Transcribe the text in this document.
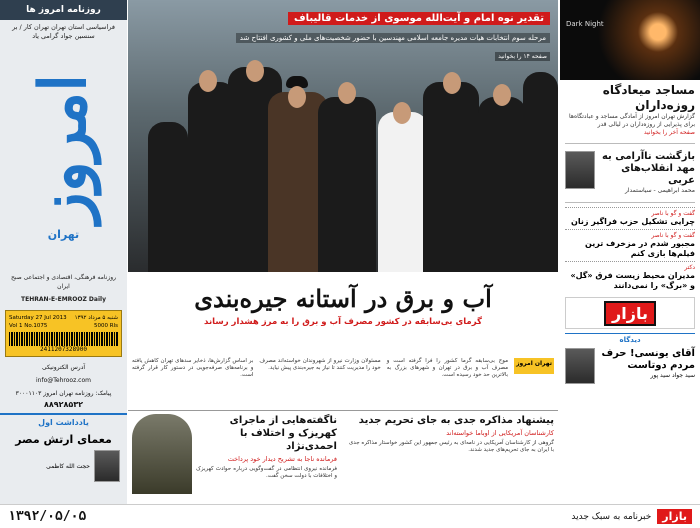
روزنامه امروز ها
فراسیاسی استان تهران تهران کار / بر سنسین جواد گرامی یاد
امروز
تهران
روزنامه فرهنگی، اقتصادی و اجتماعی صبح ایران
TEHRAN-E-EMROOZ Daily
Saturday 27 Jul 2013 شنبه ۵ مرداد ۱۳۹۲
Vol 1 No.1075	5000 Rls
2411207328900
آدرس الکترونیکی
info@Tehrooz.com
پیامک: روزنامه تهران امروز ۳۰۰۰۱۱۰۳
۸۸۹۲۸۵۳۲
یادداشت اول
معمای ارتش مصر
حجت الله کاظمی
تقدیر نوه امام و آیت‌الله موسوی از خدمات قالیباف
مرحله سوم انتخابات هیات مدیره جامعه اسلامی مهندسین با حضور شخصیت‌های ملی و کشوری افتتاح شد
صفحه ۱۴ را بخوانید
Dark Night
مساجد میعادگاه روزه‌داران
گزارش تهران امروز از آمادگی مساجد و عبادتگاه‌ها برای پذیرایی از روزه‌داران در لیالی قدر
صفحه آخر را بخوانید
بازگشت ناآرامی به مهد انقلاب‌های عربی
محمد ابراهیمی - سیاستمدار
گفت و گو با ناصر
چرایی تشکیل حزب فراگیر زنان
گفت و گو با ناصر
مجبور شدم در مزخرف ترین فیلم‌ها بازی کنم
دکتر
مدیران محیط زیست فرق «گل» و «برگ» را نمی‌دانند
بازار
دیدگاه
آقای یونسی! حرف مردم دوتاست
سید جواد سید پور
آب و برق در آستانه جیره‌بندی
گرمای بی‌سابقه در کشور مصرف آب و برق را به مرز هشدار رساند
تهران امروز
موج بی‌سابقه گرما کشور را فرا گرفته است و مصرف آب و برق در تهران و شهرهای بزرگ به بالاترین حد خود رسیده است.
مسئولان وزارت نیرو از شهروندان خواسته‌اند مصرف خود را مدیریت کنند تا نیاز به جیره‌بندی پیش نیاید.
بر اساس گزارش‌ها، ذخایر سدهای تهران کاهش یافته و برنامه‌های صرفه‌جویی در دستور کار قرار گرفته است.
پیشنهاد مذاکره جدی به جای تحریم جدید
کارشناسان آمریکایی از اوباما خواسته‌اند
گروهی از کارشناسان آمریکایی در نامه‌ای به رئیس جمهور این کشور خواستار مذاکره جدی با ایران به جای تحریم‌های جدید شدند.
ناگفته‌هایی از ماجرای کهریزک و اختلاف با احمدی‌نژاد
فرمانده ناجا به تشریح دیدار خود پرداخت
فرمانده نیروی انتظامی در گفت‌وگویی درباره حوادث کهریزک و اختلافات با دولت سخن گفت.
۱۳۹۲/۰۵/۰۵	خبرنامه به سبک جدید	بازار
